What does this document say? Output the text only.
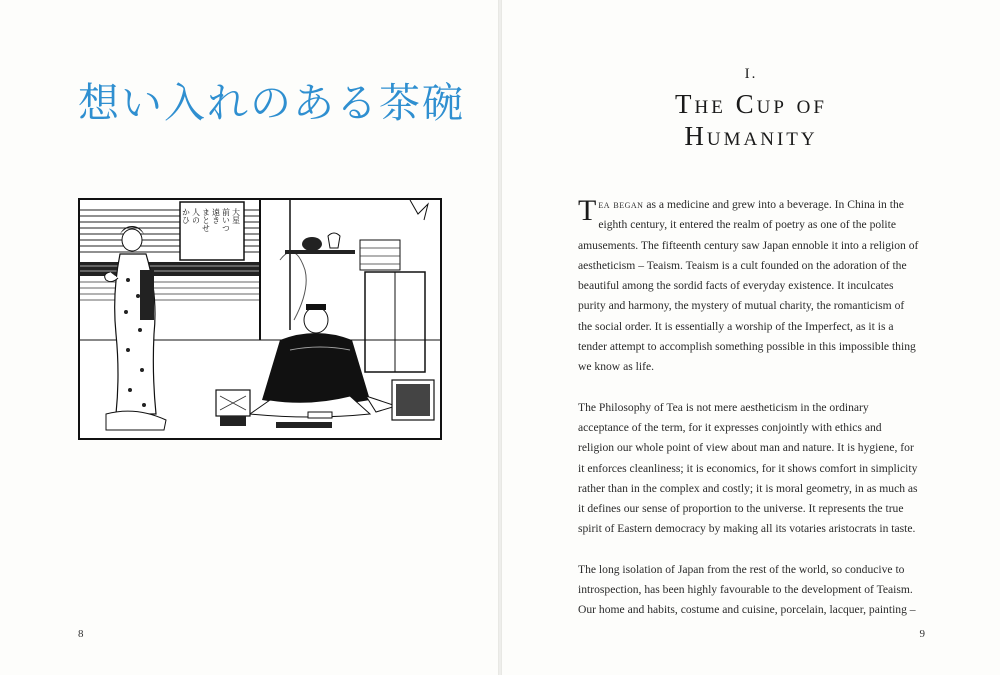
想い入れのある茶碗
大星
前いつ
遠き
まとせ
人の
かひ
8
I.
The Cup of
Humanity

Tea began as a medicine and grew into a beverage. In China in the eighth century, it entered the realm of poetry as one of the polite amusements. The fifteenth century saw Japan ennoble it into a religion of aestheticism – Teaism. Teaism is a cult founded on the adoration of the beautiful among the sordid facts of everyday existence. It inculcates purity and harmony, the mystery of mutual charity, the romanticism of the social order. It is essentially a worship of the Imperfect, as it is a tender attempt to accomplish something possible in this impossible thing we know as life.

The Philosophy of Tea is not mere aestheticism in the ordinary acceptance of the term, for it expresses conjointly with ethics and religion our whole point of view about man and nature. It is hygiene, for it enforces cleanliness; it is economics, for it shows comfort in simplicity rather than in the complex and costly; it is moral geometry, in as much as it defines our sense of proportion to the universe. It represents the true spirit of Eastern democracy by making all its votaries aristocrats in taste.

The long isolation of Japan from the rest of the world, so conducive to introspection, has been highly favourable to the development of Teaism. Our home and habits, costume and cuisine, porcelain, lacquer, painting –

9
